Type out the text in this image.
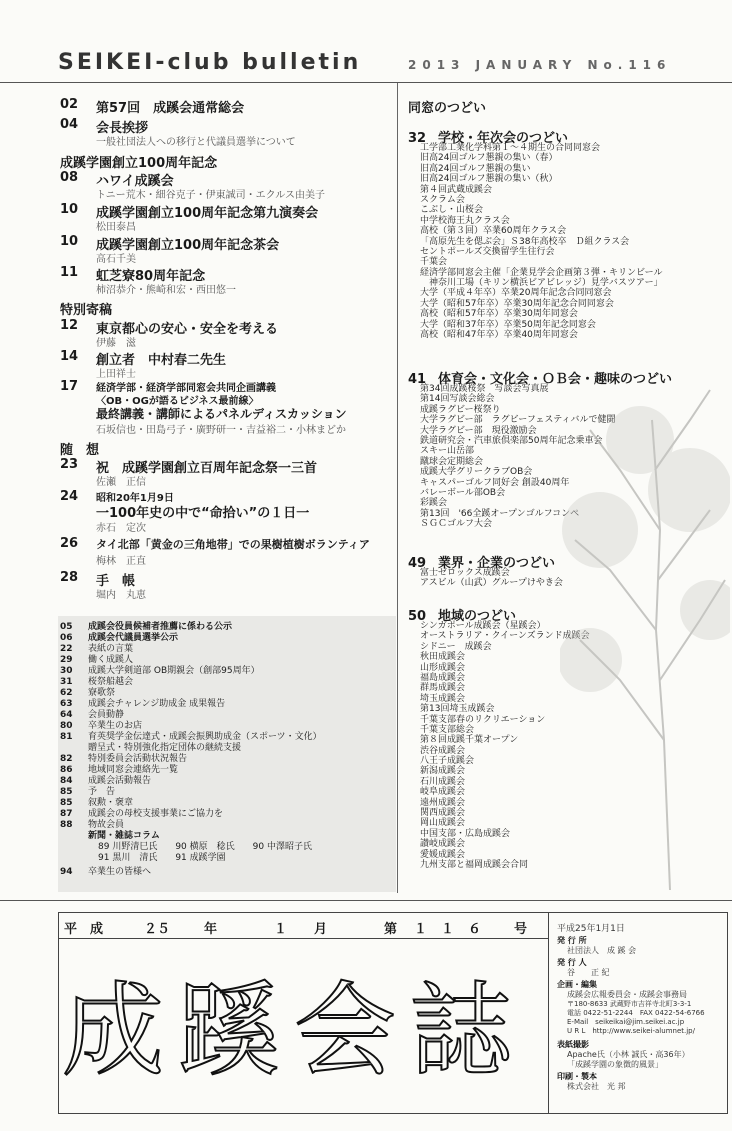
SEIKEI-club bulletin	2013 JANUARY No.116
02	第57回　成蹊会通常総会
04	会長挨拶
一般社団法人への移行と代議員選挙について
成蹊学園創立100周年記念
08	ハワイ成蹊会
トニー荒木・細谷克子・伊東誠司・エクルス由美子
10	成蹊学園創立100周年記念第九演奏会
松田泰昌
10	成蹊学園創立100周年記念茶会
高石千美
11	虹芝寮80周年記念
柿沼恭介・熊崎和宏・西田悠一
特別寄稿
12	東京都心の安心・安全を考える
伊藤　滋
14	創立者　中村春二先生
上田祥士
17	経済学部・経済学部同窓会共同企画講義
〈OB・OGが語るビジネス最前線〉
最終講義・講師によるパネルディスカッション
石坂信也・田島弓子・廣野研一・吉益裕二・小林まどか
随　想
23	祝　成蹊学園創立百周年記念祭一三首
佐瀬　正信
24	昭和20年1月9日
一100年史の中で“命拾い”の１日一
赤石　定次
26	タイ北部「黄金の三角地帯」での果樹植樹ボランティア
梅林　正直
28	手　帳
堀内　丸恵
05	成蹊会役員候補者推薦に係わる公示
06	成蹊会代議員選挙公示
22	表紙の言葉
29	働く成蹊人
30	成蹊大学剣道部 OB期親会（創部95周年）
31	桜祭船越会
62	寮歌祭
63	成蹊会チャレンジ助成金 成果報告
64	会員動静
80	卒業生のお店
81	育英奨学金伝達式・成蹊会振興助成金（スポーツ・文化）
贈呈式・特別強化指定団体の継続支援
82	特別委員会活動状況報告
86	地域同窓会連絡先一覧
84	成蹊会活動報告
85	予　告
85	叙勲・褒章
87	成蹊会の母校支援事業にご協力を
88	物故会員
新聞・雑誌コラム
89 川野清巳氏　　90 横原　稔氏　　90 中澤昭子氏
91 黒川　清氏　　91 成蹊学園
94	卒業生の皆様へ
同窓のつどい
32 学校・年次会のつどい
工学部工業化学科第１～４期生の合同同窓会
旧高24回ゴルフ懇親の集い（春）
旧高24回ゴルフ懇親の集い
旧高24回ゴルフ懇親の集い（秋）
第４回武蔵成蹊会
スクラム会
こぶし・山桜会
中学校海王丸クラス会
高校（第３回）卒業60周年クラス会
「高原先生を偲ぶ会」Ｓ38年高校卒　Ｄ組クラス会
セントポールズ交換留学生往行会
千葉会
経済学部同窓会主催「企業見学会企画第３弾・キリンビール
　神奈川工場（キリン横浜ビアビレッジ）見学バスツアー」
大学（平成４年卒）卒業20周年記念合同同窓会
大学（昭和57年卒）卒業30周年記念合同同窓会
高校（昭和57年卒）卒業30周年同窓会
大学（昭和37年卒）卒業50周年記念同窓会
高校（昭和47年卒）卒業40周年同窓会
41 体育会・文化会・ＯＢ会・趣味のつどい
第34回成蹊桜祭　写談会写真展
第14回写談会総会
成蹊ラグビー桜祭り
大学ラグビー部　ラグビーフェスティバルで健闘
大学ラグビー部　現役激励会
鉄道研究会・汽車旅倶楽部50周年記念乗車会
スキー山岳部
蹴球会定期総会
成蹊大学グリークラブOB会
キャスパーゴルフ同好会 創設40周年
バレーボール部OB会
彩蹊会
第13回　'66全蹊オープンゴルフコンペ
ＳＧＣゴルフ大会
49 業界・企業のつどい
富士ゼロックス成蹊会
アスビル（山武）グループけやき会
50 地域のつどい
シンガポール成蹊会（星蹊会）
オーストラリア・クイーンズランド成蹊会
シドニー　成蹊会
秋田成蹊会
山形成蹊会
福島成蹊会
群馬成蹊会
埼玉成蹊会
第13回埼玉成蹊会
千葉支部春のリクリエーション
千葉支部総会
第８回成蹊千葉オープン
渋谷成蹊会
八王子成蹊会
新潟成蹊会
石川成蹊会
岐阜成蹊会
遠州成蹊会
関西成蹊会
岡山成蹊会
中国支部・広島成蹊会
讃岐成蹊会
愛媛成蹊会
九州支部と福岡成蹊会合同
平　成	２５	年	１ 月	第 １１６ 号
成蹊会誌
平成25年1月1日
発 行 所
社団法人　成 蹊 会
発 行 人
谷　　正 紀
企画・編集
成蹊会広報委員会・成蹊会事務局
〒180-8633 武蔵野市吉祥寺北町3-3-1
電話 0422-51-2244　FAX 0422-54-6766
E-Mail　seikeikai@jim.seikei.ac.jp
U R L　http://www.seikei-alumnet.jp/
表紙撮影
Apache氏（小林 誠氏・高36年）
「成蹊学園の象徴的風景」
印刷・製本
株式会社　光 邦
